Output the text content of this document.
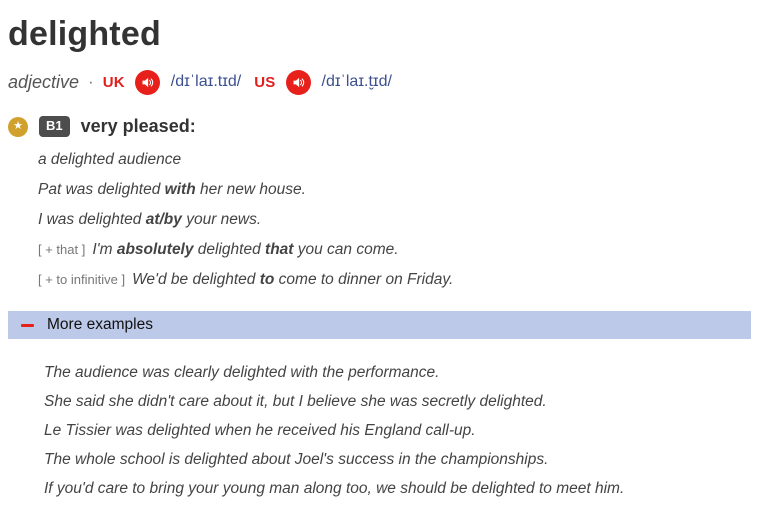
delighted
adjective · UK	/dɪˈlaɪ.tɪd/ US	/dɪˈlaɪ.t̬ɪd/
★	B1	very pleased:
a delighted audience
Pat was delighted with her new house.
I was delighted at/by your news.
[ + that ] I'm absolutely delighted that you can come.
[ + to infinitive ] We'd be delighted to come to dinner on Friday.
More examples
The audience was clearly delighted with the performance.
She said she didn't care about it, but I believe she was secretly delighted.
Le Tissier was delighted when he received his England call-up.
The whole school is delighted about Joel's success in the championships.
If you'd care to bring your young man along too, we should be delighted to meet him.
